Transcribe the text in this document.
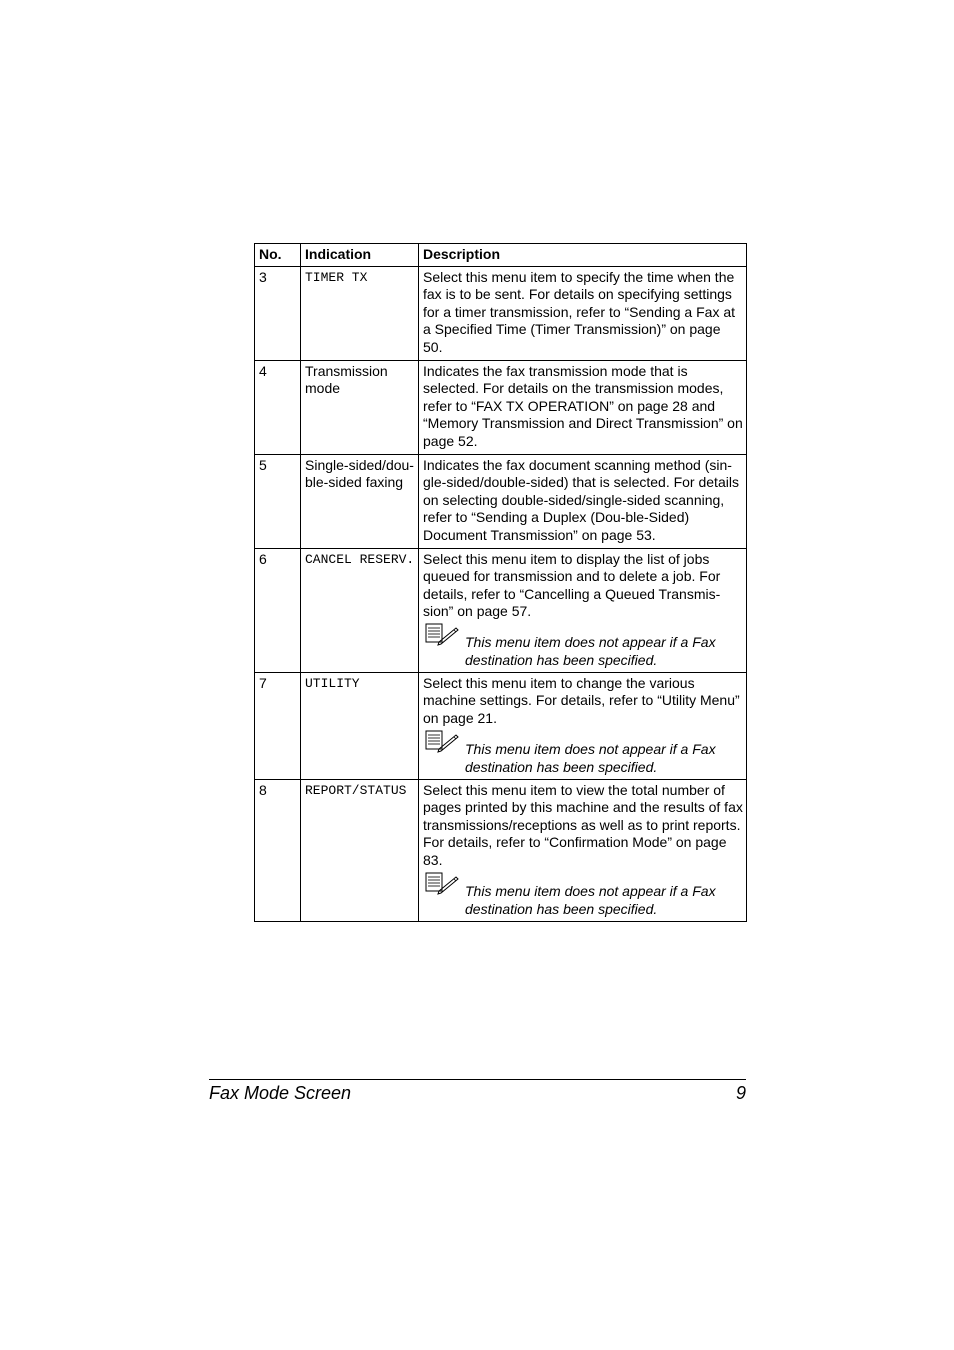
No.	Indication	Description
3	TIMER TX	Select this menu item to specify the time when the fax is to be sent. For details on specifying settings for a timer transmission, refer to “Sending a Fax at a Specified Time (Timer Transmission)” on page 50.

4	Transmission mode	Indicates the fax transmission mode that is selected. For details on the transmission modes, refer to “FAX TX OPERATION” on page 28 and “Memory Transmission and Direct Transmission” on page 52.

5	Single-sided/dou-ble-sided faxing	Indicates the fax document scanning method (sin-gle-sided/double-sided) that is selected. For details on selecting double-sided/single-sided scanning, refer to “Sending a Duplex (Dou-ble-Sided) Document Transmission” on page 53.

6	CANCEL RESERV.	Select this menu item to display the list of jobs queued for transmission and to delete a job. For details, refer to “Cancelling a Queued Transmis-sion” on page 57.
This menu item does not appear if a Fax destination has been specified.

7	UTILITY	Select this menu item to change the various machine settings. For details, refer to “Utility Menu” on page 21.
This menu item does not appear if a Fax destination has been specified.

8	REPORT/STATUS	Select this menu item to view the total number of pages printed by this machine and the results of fax transmissions/receptions as well as to print reports. For details, refer to “Confirmation Mode” on page 83.
This menu item does not appear if a Fax destination has been specified.
Fax Mode Screen	9
